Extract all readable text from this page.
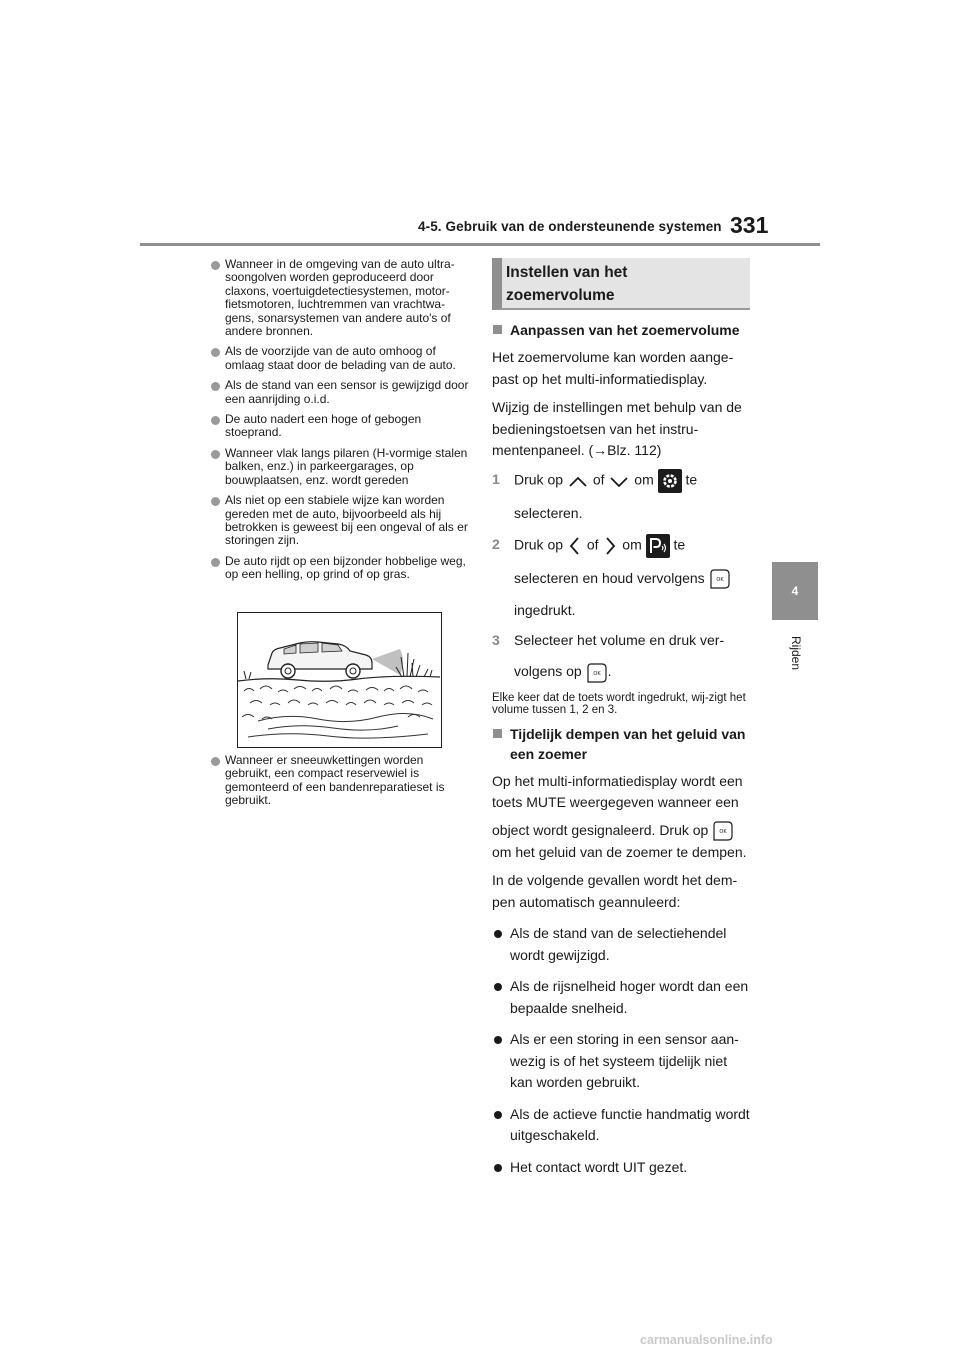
4-5. Gebruik van de ondersteunende systemen 331
4
Rijden
Wanneer in de omgeving van de auto ultra-soongolven worden geproduceerd door claxons, voertuigdetectiesystemen, motor-fietsmotoren, luchtremmen van vrachtwa-gens, sonarsystemen van andere auto's of andere bronnen.
Als de voorzijde van de auto omhoog of omlaag staat door de belading van de auto.
Als de stand van een sensor is gewijzigd door een aanrijding o.i.d.
De auto nadert een hoge of gebogen stoeprand.
Wanneer vlak langs pilaren (H-vormige stalen balken, enz.) in parkeergarages, op bouwplaatsen, enz. wordt gereden
Als niet op een stabiele wijze kan worden gereden met de auto, bijvoorbeeld als hij betrokken is geweest bij een ongeval of als er storingen zijn.
De auto rijdt op een bijzonder hobbelige weg, op een helling, op grind of op gras.
Wanneer er sneeuwkettingen worden gebruikt, een compact reservewiel is gemonteerd of een bandenreparatieset is gebruikt.
Instellen van het
zoemervolume
Aanpassen van het zoemervolume
Het zoemervolume kan worden aange-past op het multi-informatiedisplay.
Wijzig de instellingen met behulp van de bedieningstoetsen van het instru-mentenpaneel. (→Blz. 112)
1 Druk op of om te
selecteren.
2 Druk op of om te
selecteren en houd vervolgens OK
ingedrukt.
3 Selecteer het volume en druk ver-
volgens op OK .
Elke keer dat de toets wordt ingedrukt, wij-zigt het volume tussen 1, 2 en 3.
Tijdelijk dempen van het geluid van een zoemer
Op het multi-informatiedisplay wordt een toets MUTE weergegeven wanneer een
object wordt gesignaleerd. Druk op OK

om het geluid van de zoemer te dempen.
In de volgende gevallen wordt het dem-pen automatisch geannuleerd:
Als de stand van de selectiehendel wordt gewijzigd.
Als de rijsnelheid hoger wordt dan een bepaalde snelheid.
Als er een storing in een sensor aan-wezig is of het systeem tijdelijk niet kan worden gebruikt.
Als de actieve functie handmatig wordt uitgeschakeld.
Het contact wordt UIT gezet.
carmanualsonline.info
